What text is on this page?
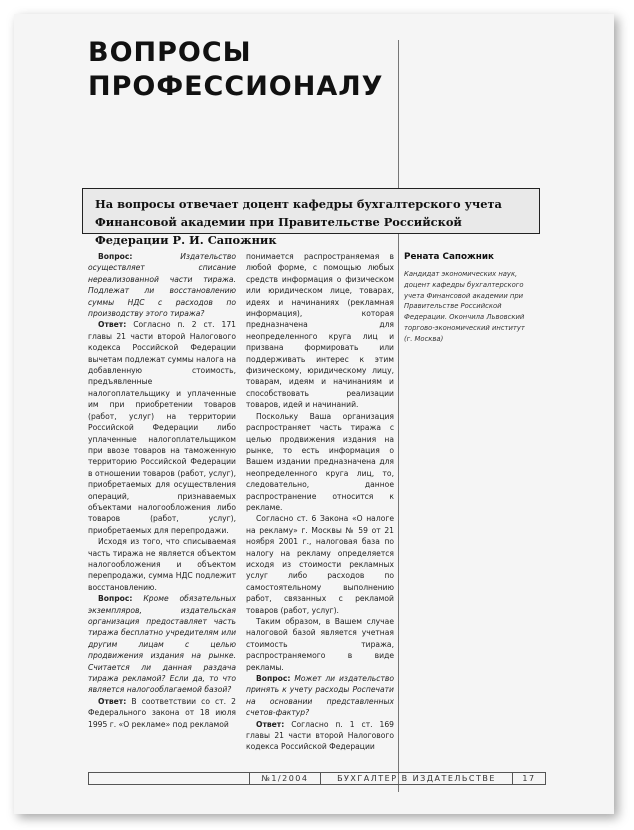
ВОПРОСЫ
ПРОФЕССИОНАЛУ
На вопросы отвечает доцент кафедры бухгалтерского учета Финансовой академии при Правительстве Российской Федерации Р. И. Сапожник

Вопрос:	Издательство осуществляет списание нереализованной части тиража. Подлежат ли восстановлению суммы НДС с расходов по производству этого тиража?

Ответ: Согласно п. 2 ст. 171 главы 21 части второй Налогового кодекса Российской Федерации вычетам подлежат суммы налога на добавленную стоимость, предъявленные налогоплательщику и уплаченные им при приобретении товаров (работ, услуг) на территории Российской Федерации либо уплаченные налогоплательщиком при ввозе товаров на таможенную территорию Российской Федерации в отношении товаров (работ, услуг), приобретаемых для осуществления операций, признаваемых объектами налогообложения либо товаров (работ, услуг), приобретаемых для перепродажи.

Исходя из того, что списываемая часть тиража не является объектом налогообложения и объектом перепродажи, сумма НДС подлежит восстановлению.

Вопрос: Кроме обязательных экземпляров, издательская организация предоставляет часть тиража бесплатно учредителям или другим лицам с целью продвижения издания на рынке. Считается ли данная раздача тиража рекламой? Если да, то что является налогооблагаемой базой?

Ответ: В соответствии со ст. 2 Федерального закона от 18 июля 1995 г. «О рекламе» под рекламой

понимается распространяемая в любой форме, с помощью любых средств информация о физическом или юридическом лице, товарах, идеях и начинаниях (рекламная информация), которая предназначена для неопределенного круга лиц и призвана формировать или поддерживать интерес к этим физическому, юридическому лицу, товарам, идеям и начинаниям и способствовать реализации товаров, идей и начинаний.

Поскольку Ваша организация распространяет часть тиража с целью продвижения издания на рынке, то есть информация о Вашем издании предназначена для неопределенного круга лиц, то, следовательно, данное распространение относится к рекламе.

Согласно ст. 6 Закона «О налоге на рекламу» г. Москвы № 59 от 21 ноября 2001 г., налоговая база по налогу на рекламу определяется исходя из стоимости рекламных услуг либо расходов по самостоятельному выполнению работ, связанных с рекламой товаров (работ, услуг).

Таким образом, в Вашем случае налоговой базой является учетная стоимость тиража, распространяемого в виде рекламы.

Вопрос: Может ли издательство принять к учету расходы Роспечати на основании представленных счетов-фактур?

Ответ: Согласно п. 1 ст. 169 главы 21 части второй Налогового кодекса Российской Федерации

Рената Сапожник

Кандидат экономических наук, доцент кафедры бухгалтерского учета Финансовой академии при Правительстве Российской Федерации. Окончила Львовский торгово-экономический институт

(г. Москва)

№1/2004	БУХГАЛТЕР В ИЗДАТЕЛЬСТВЕ	17
